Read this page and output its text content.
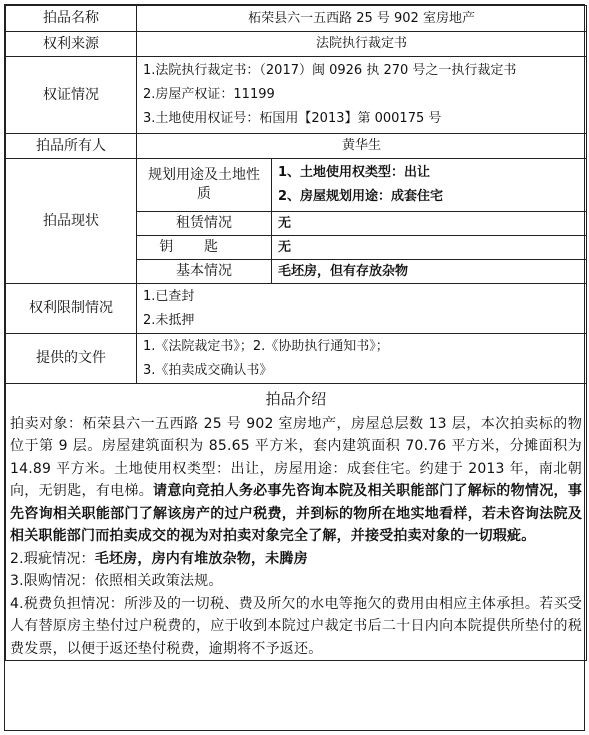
拍品名称	柘荣县六一五西路 25 号 902 室房地产	
权利来源	法院执行裁定书	
权证情况	1.法院执行裁定书：（2017）闽 0926 执 270 号之一执行裁定书
2.房屋产权证：11199
3.土地使用权证号：柘国用【2013】第 000175 号	

拍品所有人	黄华生	
拍品现状	规划用途及土地性质	1、土地使用权类型：出让
2、房屋规划用途：成套住宅

	租赁情况	无
	钥匙	无
	基本情况	毛坯房，但有存放杂物
权利限制情况	1.已查封
2.未抵押	

提供的文件	1.《法院裁定书》；2.《协助执行通知书》；
3.《拍卖成交确认书》	

拍品介绍

拍卖对象：柘荣县六一五西路 25 号 902 室房地产，房屋总层数 13 层，本次拍卖标的物位于第 9 层。房屋建筑面积为 85.65 平方米，套内建筑面积 70.76 平方米，分摊面积为 14.89 平方米。土地使用权类型：出让，房屋用途：成套住宅。约建于 2013 年，南北朝向，无钥匙，有电梯。请意向竞拍人务必事先咨询本院及相关职能部门了解标的物情况，事先咨询相关职能部门了解该房产的过户税费，并到标的物所在地实地看样，若未咨询法院及相关职能部门而拍卖成交的视为对拍卖对象完全了解，并接受拍卖对象的一切瑕疵。

2.瑕疵情况：毛坯房，房内有堆放杂物，未腾房

3.限购情况：依照相关政策法规。

4.税费负担情况：所涉及的一切税、费及所欠的水电等拖欠的费用由相应主体承担。若买受人有替原房主垫付过户税费的，应于收到本院过户裁定书后二十日内向本院提供所垫付的税费发票，以便于返还垫付税费，逾期将不予返还。		
